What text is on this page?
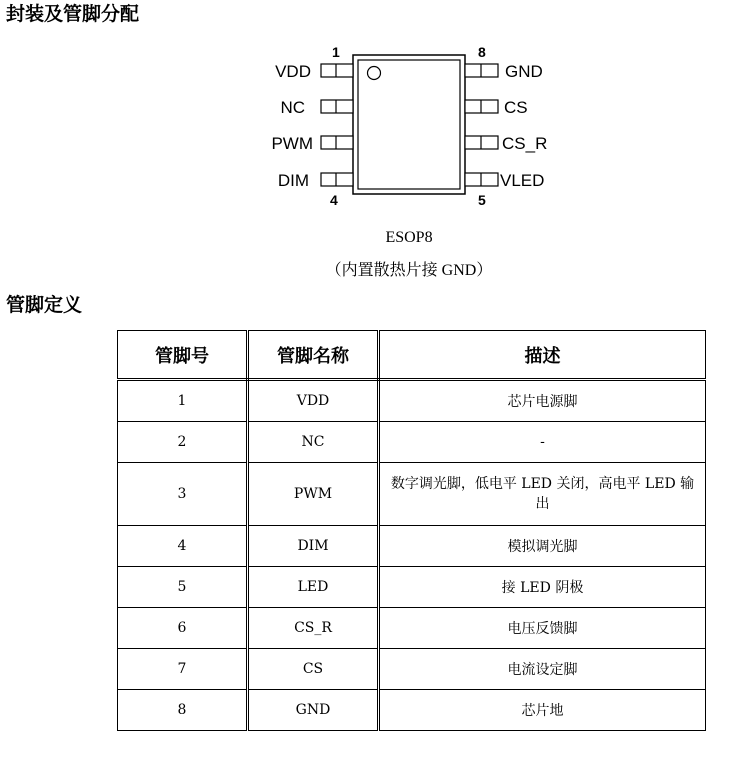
封装及管脚分配
VDD
NC
PWM
DIM
GND
CS
CS_R
VLED
1	8
4	5
ESOP8
（内置散热片接 GND）
管脚定义
管脚号	管脚名称	描述
1	VDD	芯片电源脚
2	NC	-
3	PWM	数字调光脚，低电平 LED 关闭，高电平 LED 输出
4	DIM	模拟调光脚
5	LED	接 LED 阴极
6	CS_R	电压反馈脚
7	CS	电流设定脚
8	GND	芯片地
